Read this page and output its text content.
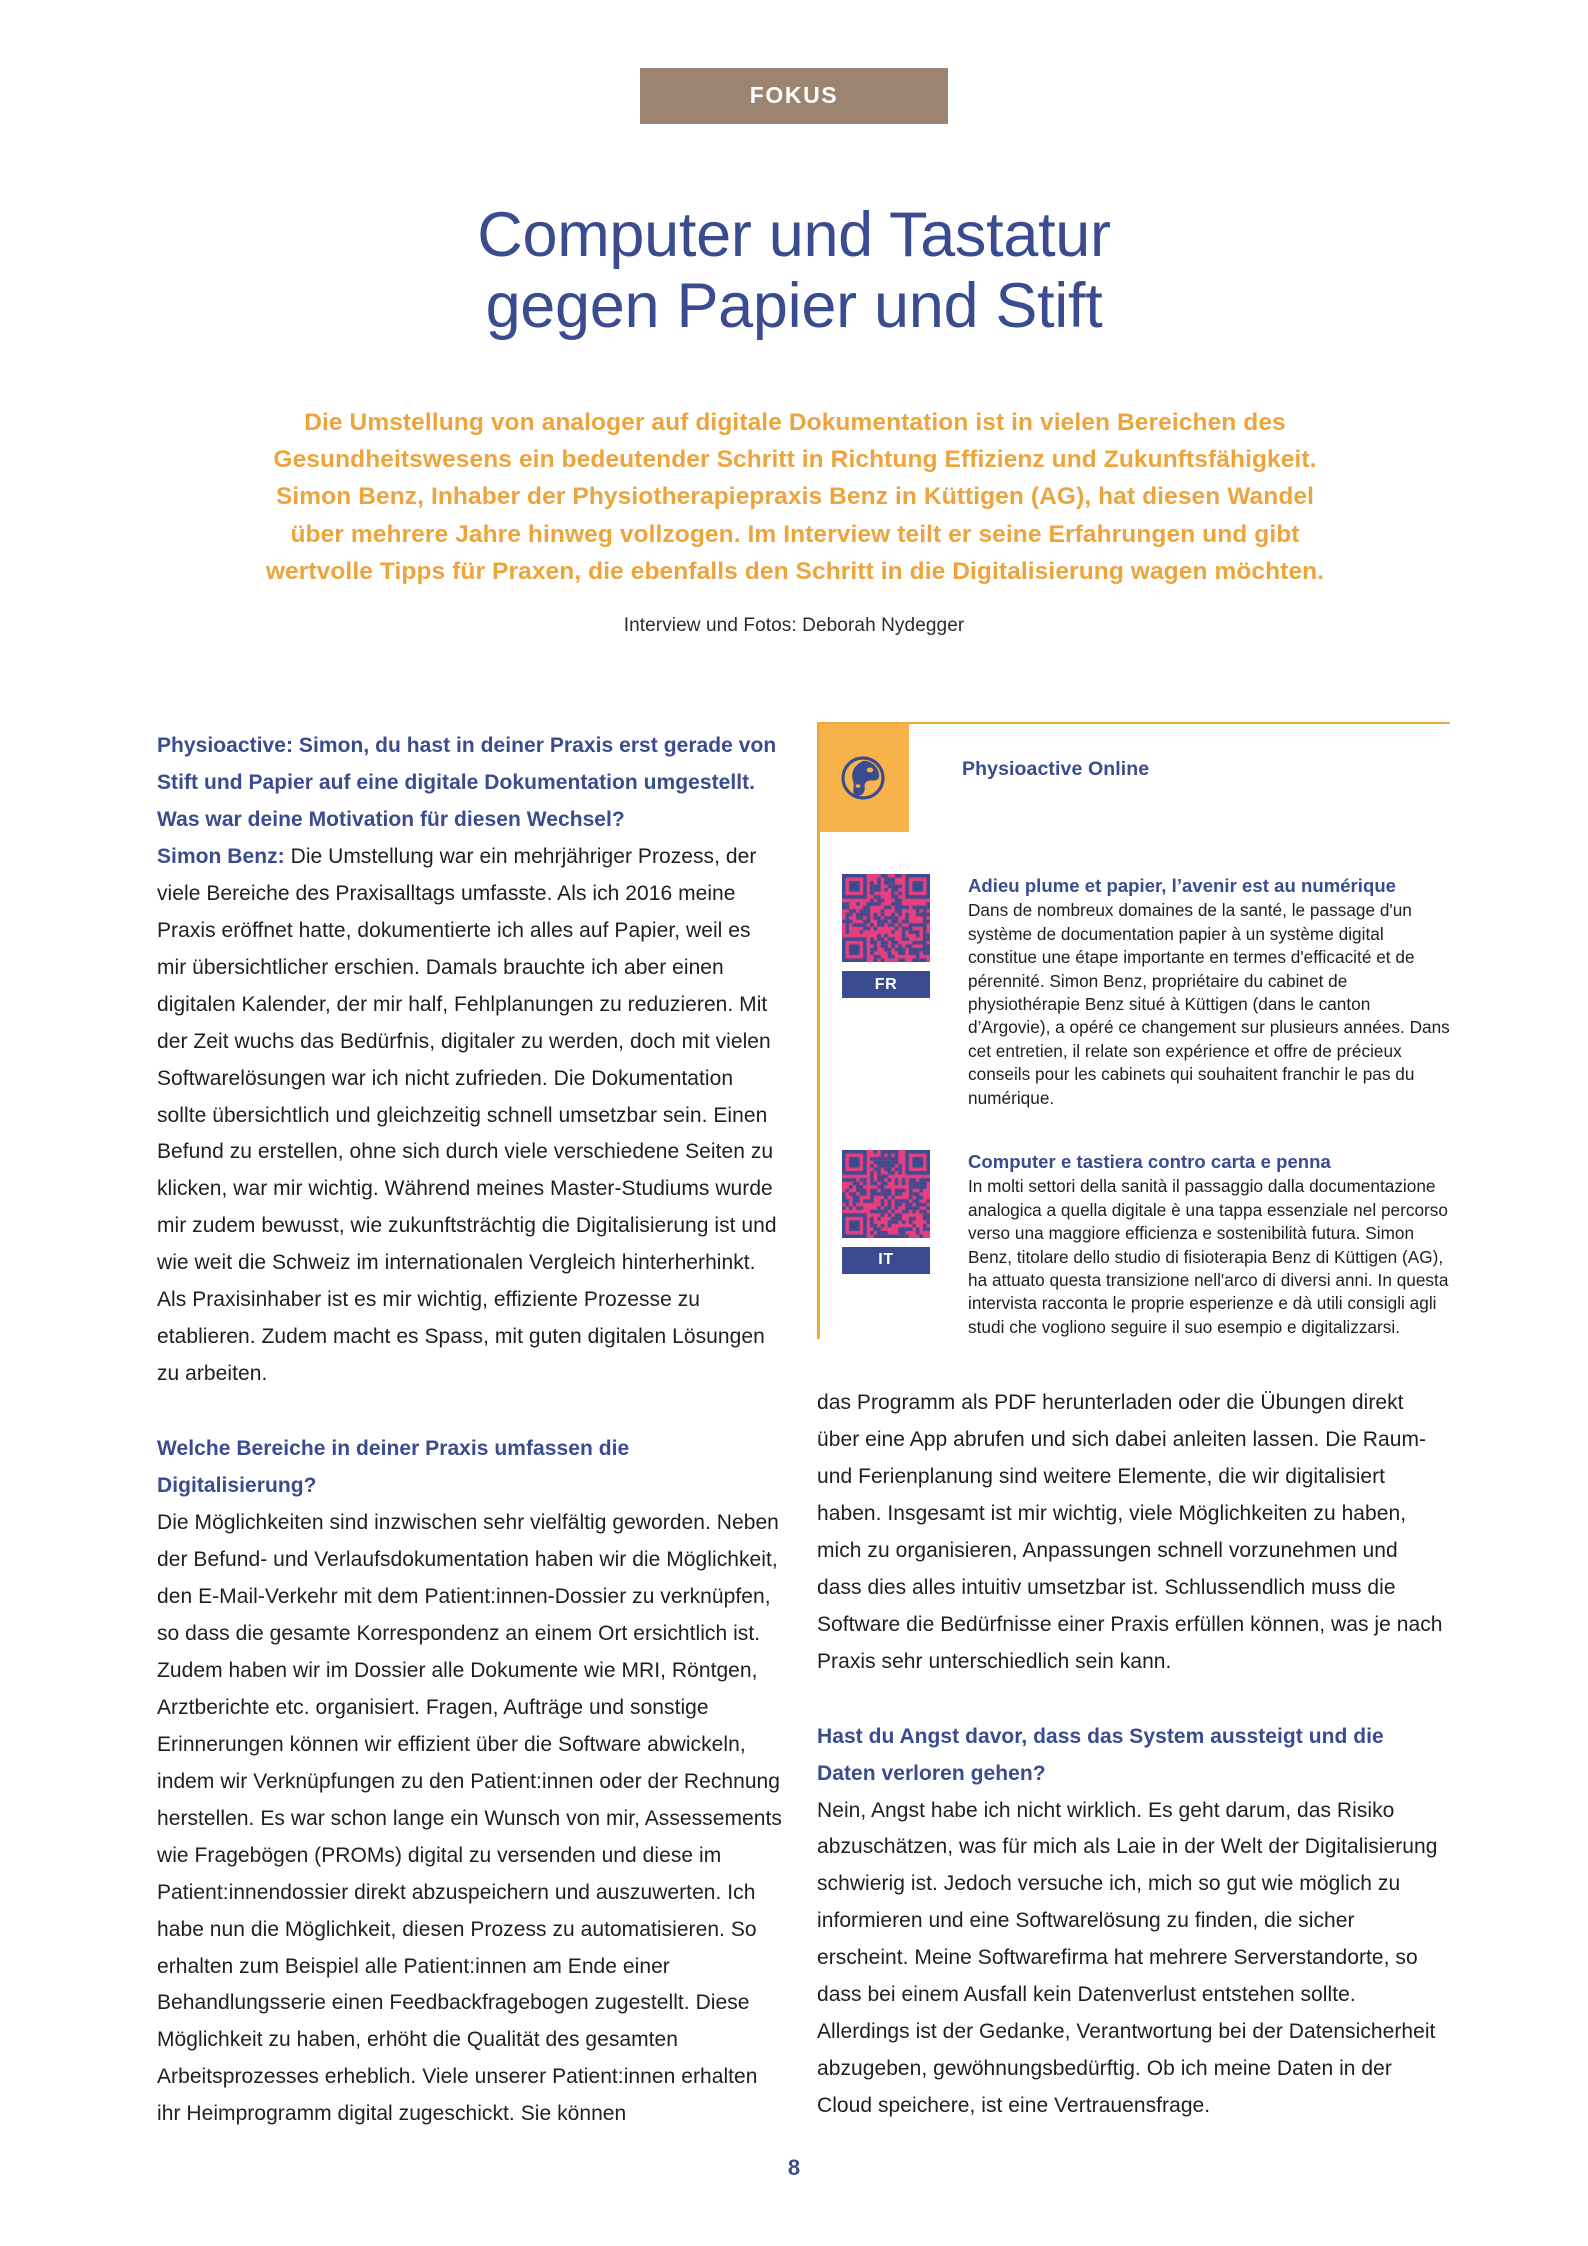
FOKUS
Computer und Tastatur
gegen Papier und Stift
Die Umstellung von analoger auf digitale Dokumentation ist in vielen Bereichen des
Gesundheitswesens ein bedeutender Schritt in Richtung Effizienz und Zukunftsfähigkeit.
Simon Benz, Inhaber der Physiotherapiepraxis Benz in Küttigen (AG), hat diesen Wandel
über mehrere Jahre hinweg vollzogen. Im Interview teilt er seine Erfahrungen und gibt
wertvolle Tipps für Praxen, die ebenfalls den Schritt in die Digitalisierung wagen möchten.
Interview und Fotos: Deborah Nydegger

Physioactive: Simon, du hast in deiner Praxis erst gerade von Stift und Papier auf eine digitale Dokumentation umgestellt. Was war deine Motivation für diesen Wechsel?

Simon Benz: Die Umstellung war ein mehrjähriger Prozess, der viele Bereiche des Praxisalltags umfasste. Als ich 2016 meine Praxis eröffnet hatte, dokumentierte ich alles auf Papier, weil es mir übersichtlicher erschien. Damals brauchte ich aber einen digitalen Kalender, der mir half, Fehlplanungen zu reduzieren. Mit der Zeit wuchs das Bedürfnis, digitaler zu werden, doch mit vielen Softwarelösungen war ich nicht zufrieden. Die Dokumentation sollte übersichtlich und gleichzeitig schnell umsetzbar sein. Einen Befund zu erstellen, ohne sich durch viele verschiedene Seiten zu klicken, war mir wichtig. Während meines Master-Studiums wurde mir zudem bewusst, wie zukunftsträchtig die Digitalisierung ist und wie weit die Schweiz im internationalen Vergleich hinterherhinkt. Als Praxisinhaber ist es mir wichtig, effiziente Prozesse zu etablieren. Zudem macht es Spass, mit guten digitalen Lösungen zu arbeiten.

Welche Bereiche in deiner Praxis umfassen die Digitalisierung?

Die Möglichkeiten sind inzwischen sehr vielfältig geworden. Neben der Befund- und Verlaufsdokumentation haben wir die Möglichkeit, den E-Mail-Verkehr mit dem Patient:innen-Dossier zu verknüpfen, so dass die gesamte Korrespondenz an einem Ort ersichtlich ist. Zudem haben wir im Dossier alle Dokumente wie MRI, Röntgen, Arztberichte etc. organisiert. Fragen, Aufträge und sonstige Erinnerungen können wir effizient über die Software abwickeln, indem wir Verknüpfungen zu den Patient:innen oder der Rechnung herstellen. Es war schon lange ein Wunsch von mir, Assessements wie Fragebögen (PROMs) digital zu versenden und diese im Patient:innendossier direkt abzuspeichern und auszuwerten. Ich habe nun die Möglichkeit, diesen Prozess zu automatisieren. So erhalten zum Beispiel alle Patient:innen am Ende einer Behandlungsserie einen Feedbackfragebogen zugestellt. Diese Möglichkeit zu haben, erhöht die Qualität des gesamten Arbeitsprozesses erheblich. Viele unserer Patient:innen erhalten ihr Heimprogramm digital zugeschickt. Sie können

Physioactive Online
FR
Adieu plume et papier, l’avenir est au numérique
Dans de nombreux domaines de la santé, le passage d'un système de documentation papier à un système digital constitue une étape importante en termes d'efficacité et de pérennité. Simon Benz, propriétaire du cabinet de physiothérapie Benz situé à Küttigen (dans le canton d’Argovie), a opéré ce changement sur plusieurs années. Dans cet entretien, il relate son expérience et offre de précieux conseils pour les cabinets qui souhaitent franchir le pas du numérique.
IT
Computer e tastiera contro carta e penna
In molti settori della sanità il passaggio dalla documentazione analogica a quella digitale è una tappa essenziale nel percorso verso una maggiore efficienza e sostenibilità futura. Simon Benz, titolare dello studio di fisioterapia Benz di Küttigen (AG), ha attuato questa transizione nell'arco di diversi anni. In questa intervista racconta le proprie esperienze e dà utili consigli agli studi che vogliono seguire il suo esempio e digitalizzarsi.

das Programm als PDF herunterladen oder die Übungen direkt über eine App abrufen und sich dabei anleiten lassen. Die Raum- und Ferienplanung sind weitere Elemente, die wir digitalisiert haben. Insgesamt ist mir wichtig, viele Möglichkeiten zu haben, mich zu organisieren, Anpassungen schnell vorzunehmen und dass dies alles intuitiv umsetzbar ist. Schlussendlich muss die Software die Bedürfnisse einer Praxis erfüllen können, was je nach Praxis sehr unterschiedlich sein kann.

Hast du Angst davor, dass das System aussteigt und die Daten verloren gehen?

Nein, Angst habe ich nicht wirklich. Es geht darum, das Risiko abzuschätzen, was für mich als Laie in der Welt der Digitalisierung schwierig ist. Jedoch versuche ich, mich so gut wie möglich zu informieren und eine Softwarelösung zu finden, die sicher erscheint. Meine Softwarefirma hat mehrere Serverstandorte, so dass bei einem Ausfall kein Datenverlust entstehen sollte. Allerdings ist der Gedanke, Verantwortung bei der Datensicherheit abzugeben, gewöhnungsbedürftig. Ob ich meine Daten in der Cloud speichere, ist eine Vertrauensfrage.

8
